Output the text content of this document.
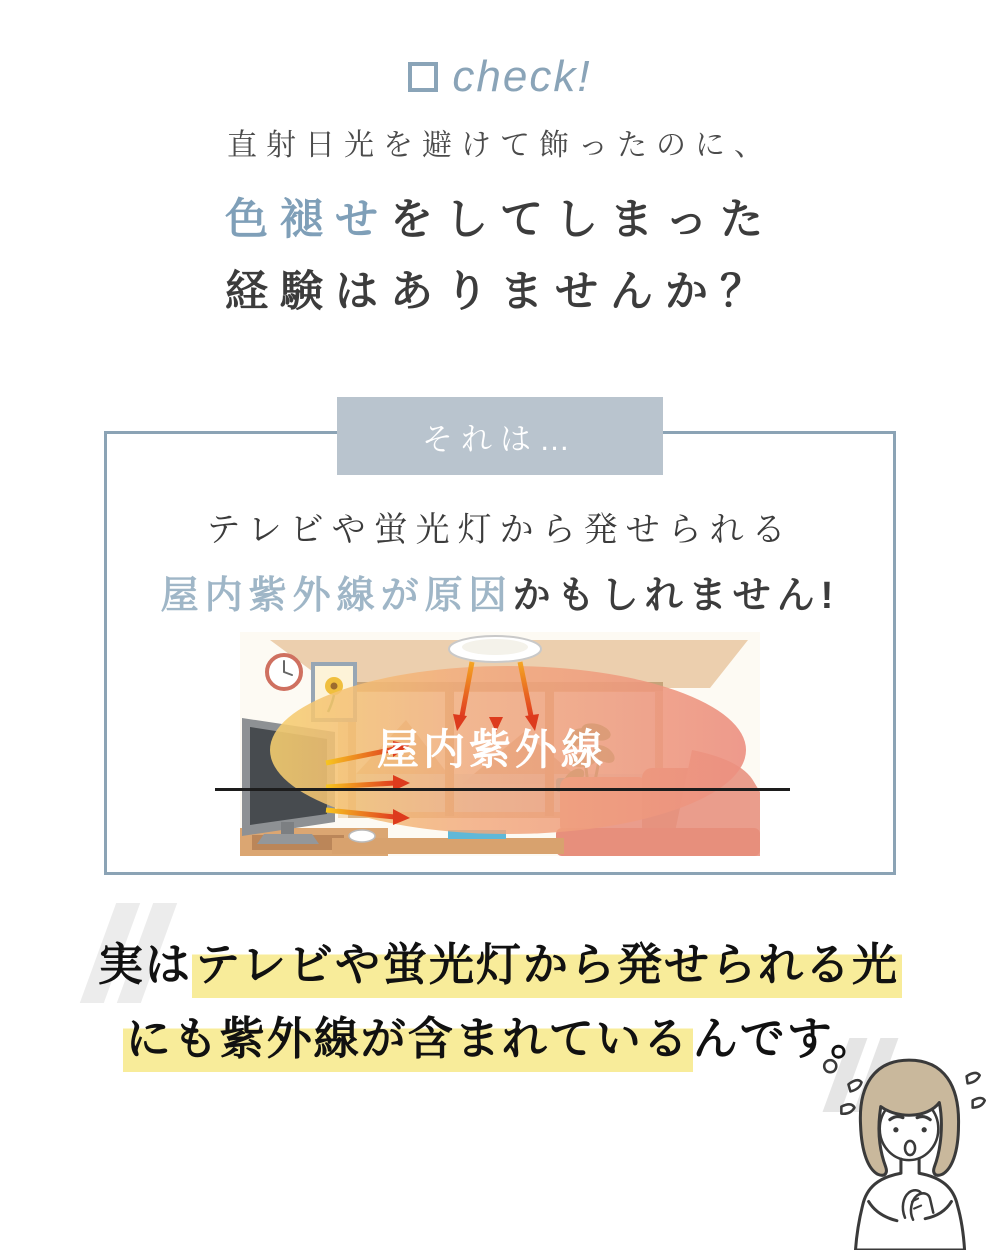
check!
直射日光を避けて飾ったのに、
色褪せをしてしまった
経験はありませんか？
それは…
テレビや蛍光灯から発せられる
屋内紫外線が原因かもしれません!
屋内紫外線
実はテレビや蛍光灯から発せられる光
にも紫外線が含まれているんです。
